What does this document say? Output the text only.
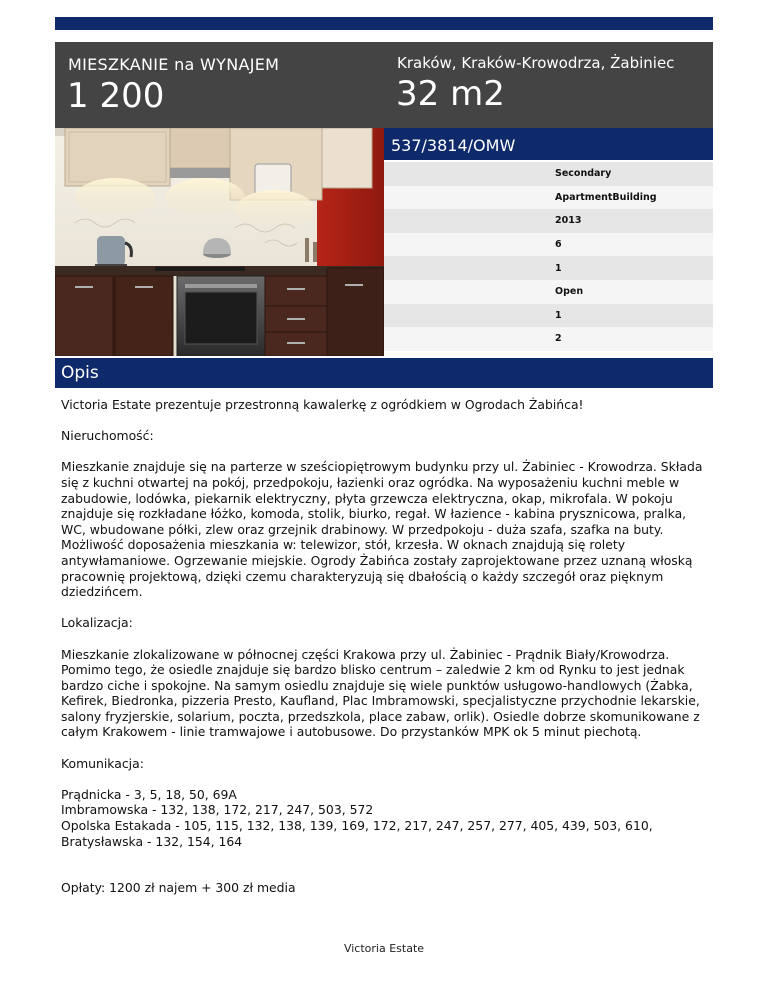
MIESZKANIE na WYNAJEM
1 200
Kraków, Kraków-Krowodrza, Żabiniec
32 m2
537/3814/OMW
Secondary
ApartmentBuilding
2013
6
1
Open
1
2
Opis

Victoria Estate prezentuje przestronną kawalerkę z ogródkiem w Ogrodach Żabińca!

Nieruchomość:

Mieszkanie znajduje się na parterze w sześciopiętrowym budynku przy ul. Żabiniec - Krowodrza. Składa się z kuchni otwartej na pokój, przedpokoju, łazienki oraz ogródka. Na wyposażeniu kuchni meble w zabudowie, lodówka, piekarnik elektryczny, płyta grzewcza elektryczna, okap, mikrofala. W pokoju znajduje się rozkładane łóżko, komoda, stolik, biurko, regał. W łazience - kabina prysznicowa, pralka, WC, wbudowane półki, zlew oraz grzejnik drabinowy. W przedpokoju - duża szafa, szafka na buty. Możliwość doposażenia mieszkania w: telewizor, stół, krzesła. W oknach znajdują się rolety antywłamaniowe. Ogrzewanie miejskie. Ogrody Żabińca zostały zaprojektowane przez uznaną włoską pracownię projektową, dzięki czemu charakteryzują się dbałością o każdy szczegół oraz pięknym dziedzińcem.

Lokalizacja:

Mieszkanie zlokalizowane w północnej części Krakowa przy ul. Żabiniec - Prądnik Biały/Krowodrza. Pomimo tego, że osiedle znajduje się bardzo blisko centrum – zaledwie 2 km od Rynku to jest jednak bardzo ciche i spokojne. Na samym osiedlu znajduje się wiele punktów usługowo-handlowych (Żabka, Kefirek, Biedronka, pizzeria Presto, Kaufland, Plac Imbramowski, specjalistyczne przychodnie lekarskie, salony fryzjerskie, solarium, poczta, przedszkola, place zabaw, orlik). Osiedle dobrze skomunikowane z całym Krakowem - linie tramwajowe i autobusowe. Do przystanków MPK ok 5 minut piechotą.

Komunikacja:

Prądnicka - 3, 5, 18, 50, 69A
Imbramowska - 132, 138, 172, 217, 247, 503, 572
Opolska Estakada - 105, 115, 132, 138, 139, 169, 172, 217, 247, 257, 277, 405, 439, 503, 610,
Bratysławska - 132, 154, 164

Opłaty: 1200 zł najem + 300 zł media

Victoria Estate
